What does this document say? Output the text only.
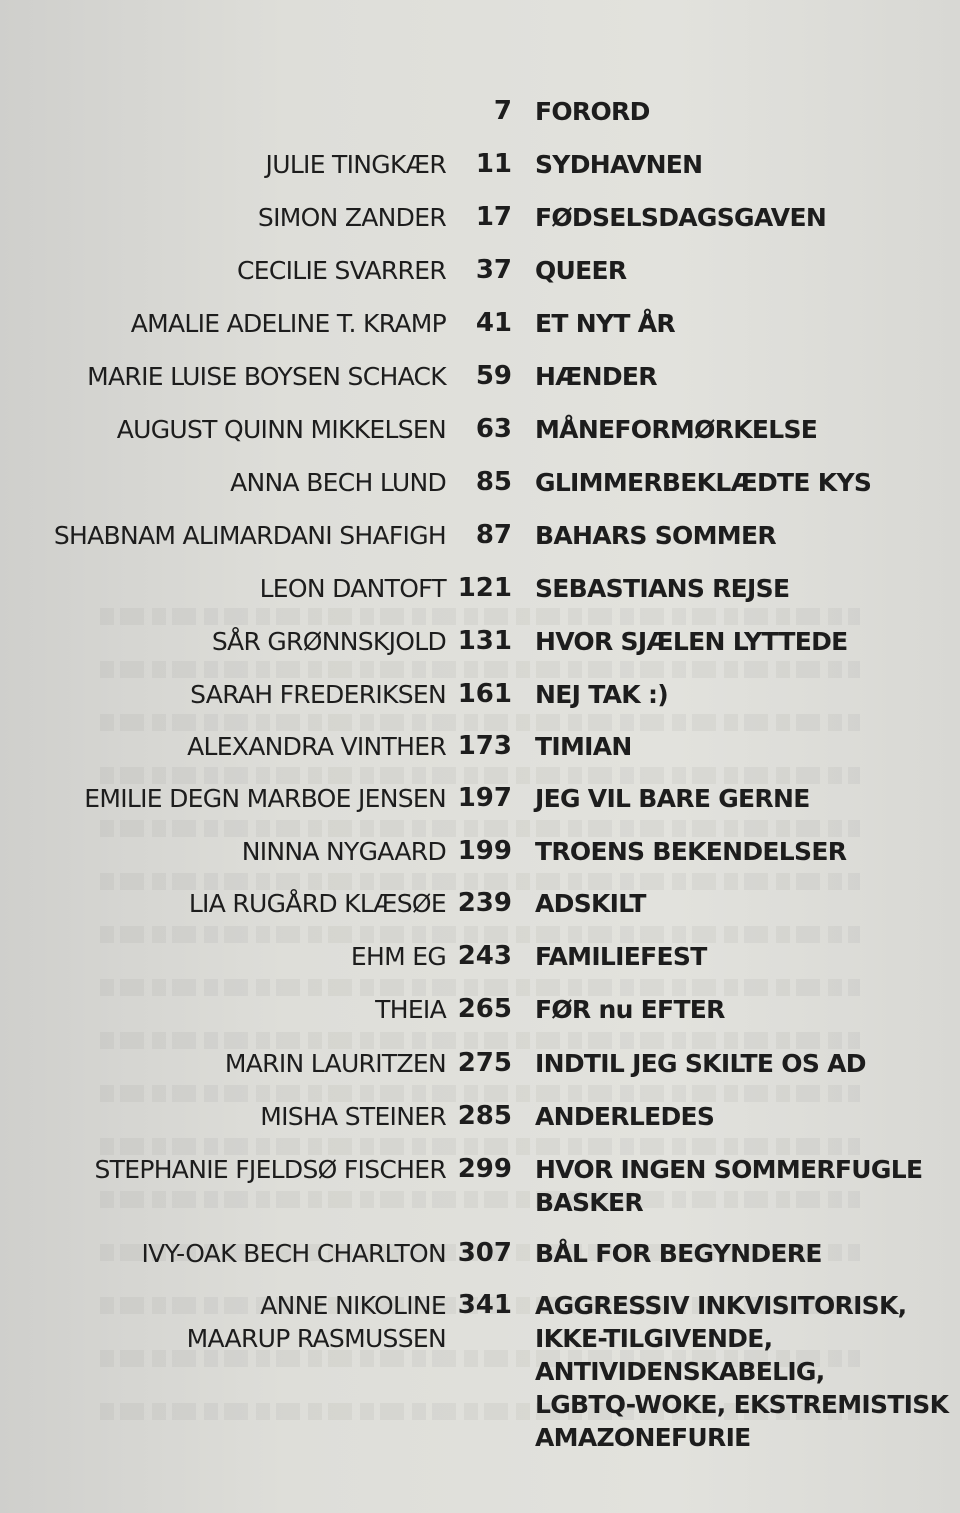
7 FORORD
JULIE TINGKÆR 11 SYDHAVNEN
SIMON ZANDER 17 FØDSELSDAGSGAVEN
CECILIE SVARRER 37 QUEER
AMALIE ADELINE T. KRAMP 41 ET NYT ÅR
MARIE LUISE BOYSEN SCHACK 59 HÆNDER
AUGUST QUINN MIKKELSEN 63 MÅNEFORMØRKELSE
ANNA BECH LUND 85 GLIMMERBEKLÆDTE KYS
SHABNAM ALIMARDANI SHAFIGH 87 BAHARS SOMMER
LEON DANTOFT 121 SEBASTIANS REJSE
SÅR GRØNNSKJOLD 131 HVOR SJÆLEN LYTTEDE
SARAH FREDERIKSEN 161 NEJ TAK :)
ALEXANDRA VINTHER 173 TIMIAN
EMILIE DEGN MARBOE JENSEN 197 JEG VIL BARE GERNE
NINNA NYGAARD 199 TROENS BEKENDELSER
LIA RUGÅRD KLÆSØE 239 ADSKILT
EHM EG 243 FAMILIEFEST
THEIA 265 FØR nu EFTER
MARIN LAURITZEN 275 INDTIL JEG SKILTE OS AD
MISHA STEINER 285 ANDERLEDES
STEPHANIE FJELDSØ FISCHER 299 HVOR INGEN SOMMERFUGLE
BASKER
IVY-OAK BECH CHARLTON 307 BÅL FOR BEGYNDERE
ANNE NIKOLINE
MAARUP RASMUSSEN
341 AGGRESSIV INKVISITORISK,
IKKE-TILGIVENDE,
ANTIVIDENSKABELIG,
LGBTQ-WOKE, EKSTREMISTISK
AMAZONEFURIE
